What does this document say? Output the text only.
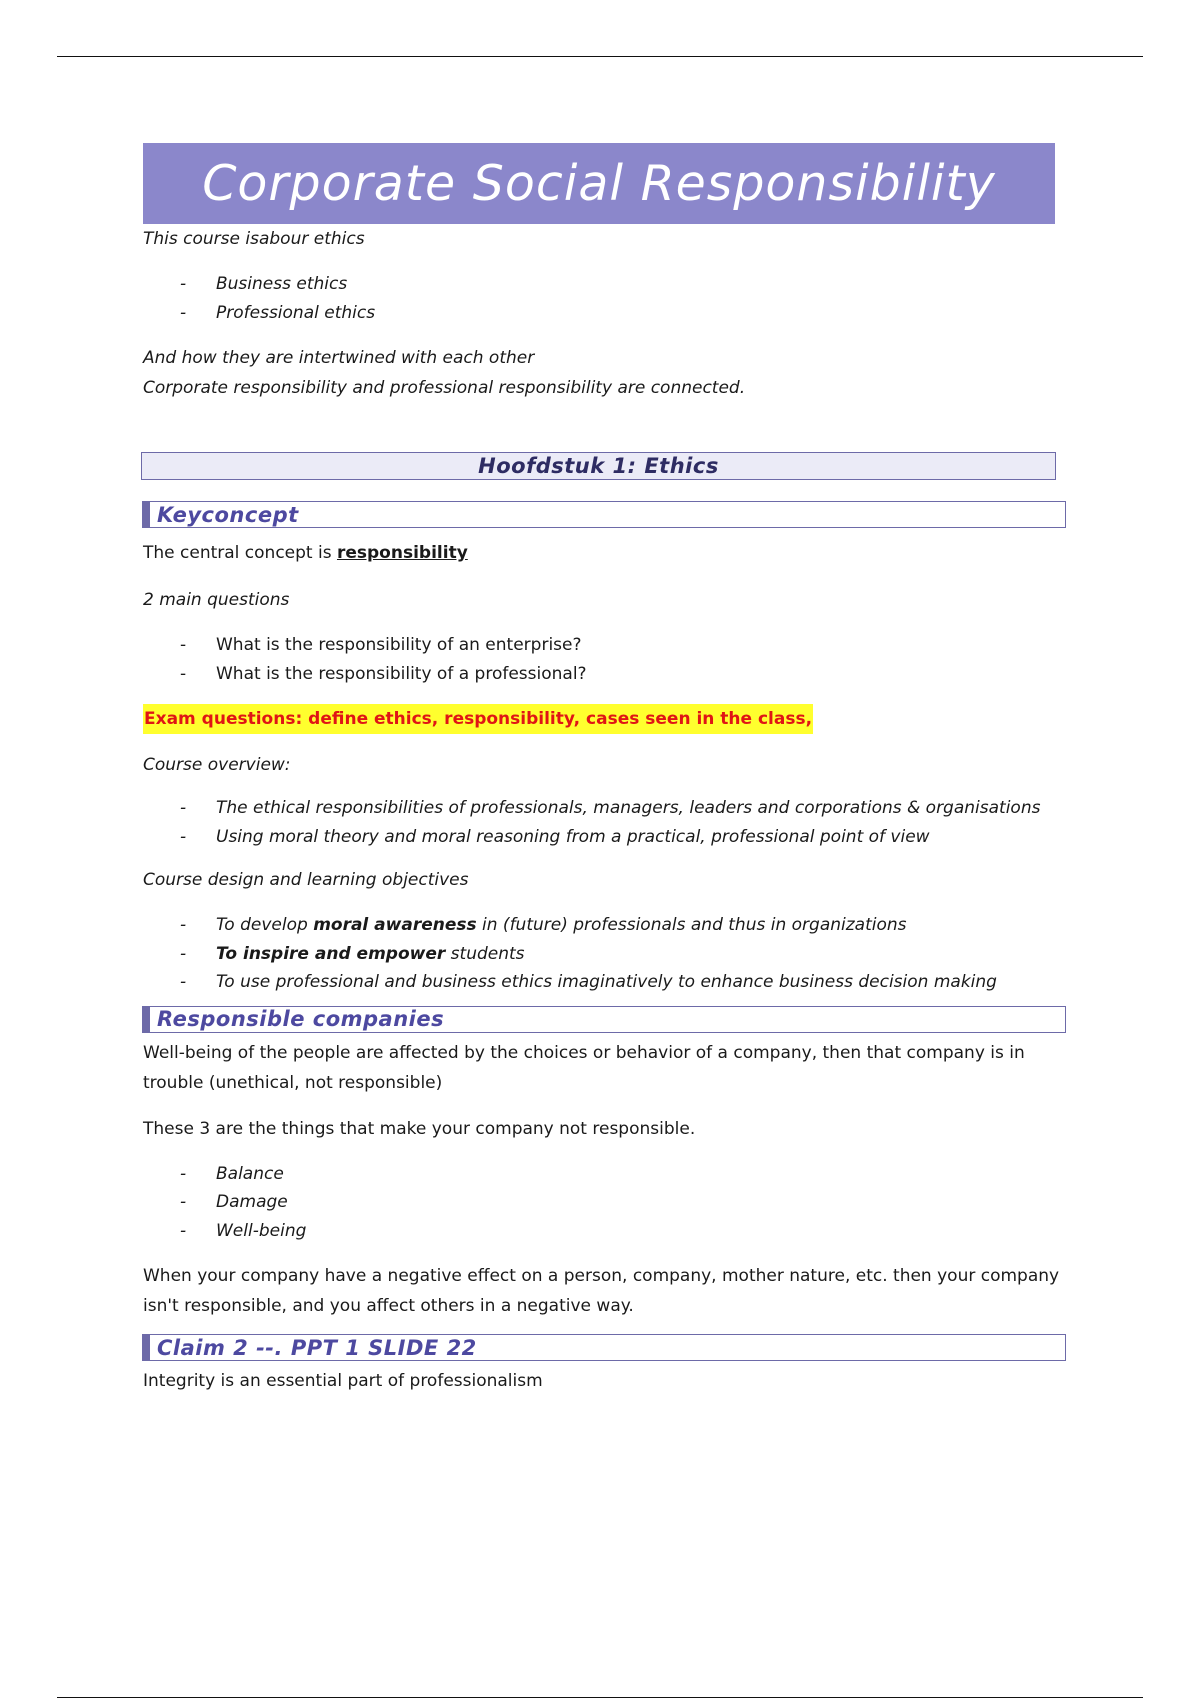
Corporate Social Responsibility

This course isabour ethics

- Business ethics
- Professional ethics

And how they are intertwined with each other

Corporate responsibility and professional responsibility are connected.

Hoofdstuk 1: Ethics
Keyconcept

The central concept is responsibility

2 main questions

- What is the responsibility of an enterprise?
- What is the responsibility of a professional?

Exam questions: define ethics, responsibility, cases seen in the class,

Course overview:

- The ethical responsibilities of professionals, managers, leaders and corporations & organisations
- Using moral theory and moral reasoning from a practical, professional point of view

Course design and learning objectives

- To develop moral awareness in (future) professionals and thus in organizations
- To inspire and empower students
- To use professional and business ethics imaginatively to enhance business decision making
Responsible companies

Well-being of the people are affected by the choices or behavior of a company, then that company is in trouble (unethical, not responsible)

These 3 are the things that make your company not responsible.

- Balance
- Damage
- Well-being

When your company have a negative effect on a person, company, mother nature, etc. then your company isn't responsible, and you affect others in a negative way.

Claim 2 --. PPT 1 SLIDE 22

Integrity is an essential part of professionalism
